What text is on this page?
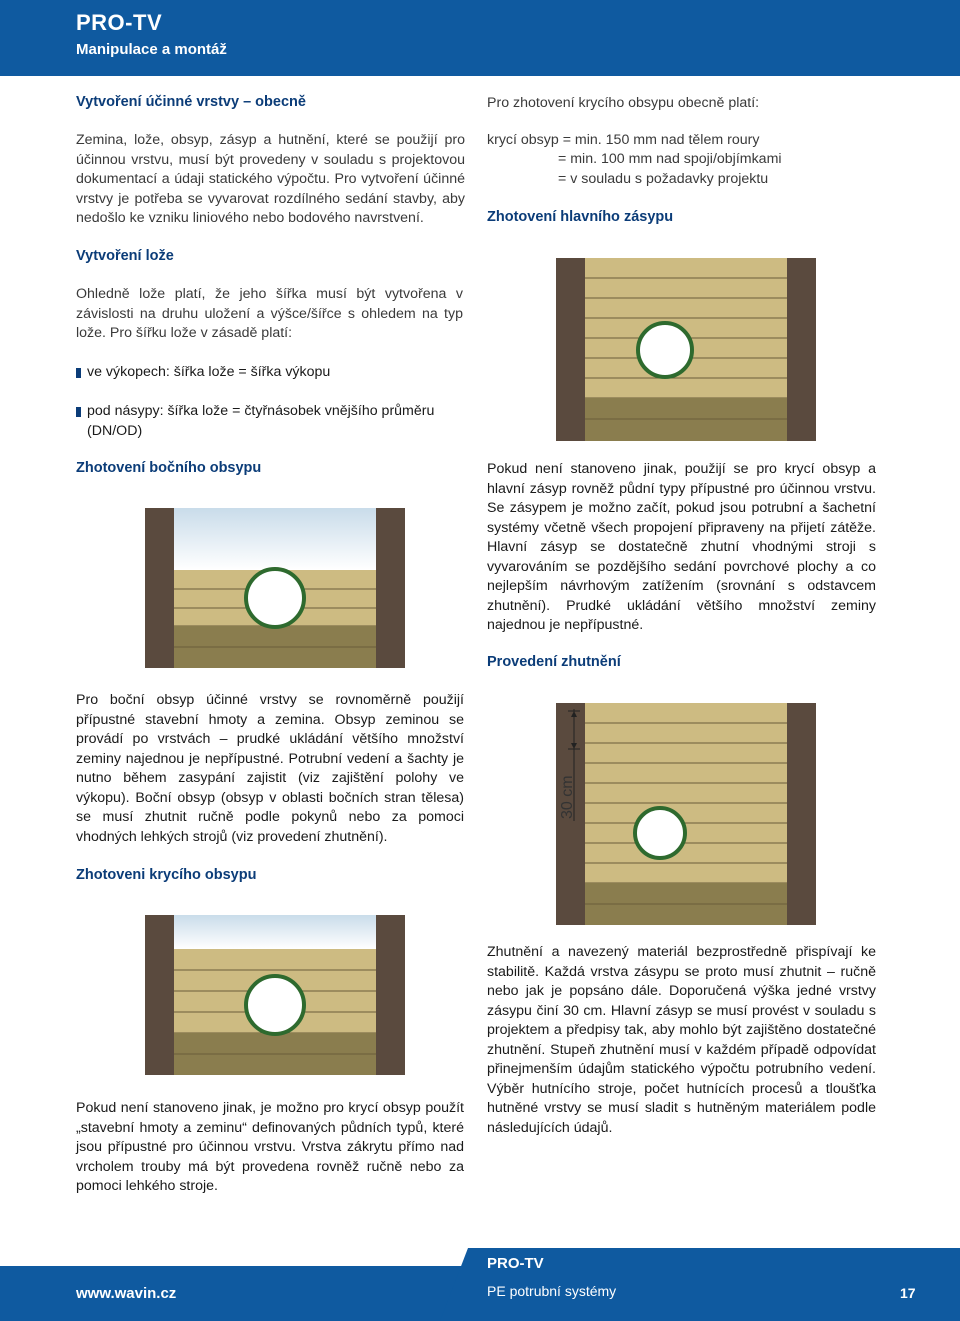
PRO-TV
Manipulace a montáž
Vytvoření účinné vrstvy – obecně
Zemina, lože, obsyp, zásyp a hutnění, které se použijí pro účinnou vrstvu, musí být provedeny v souladu s projektovou dokumentací a údaji statického výpočtu. Pro vytvoření účinné vrstvy je potřeba se vyvarovat rozdílného sedání stavby, aby nedošlo ke vzniku liniového nebo bodového navrstvení.
Vytvoření lože
Ohledně lože platí, že jeho šířka musí být vytvořena v závislosti na druhu uložení a výšce/šířce s ohledem na typ lože. Pro šířku lože v zásadě platí:
ve výkopech: šířka lože = šířka výkopu
pod násypy: šířka lože = čtyřnásobek vnějšího průměru (DN/OD)
Zhotovení bočního obsypu
Pro boční obsyp účinné vrstvy se rovnoměrně použijí přípustné stavební hmoty a zemina. Obsyp zeminou se provádí po vrstvách – prudké ukládání většího množství zeminy najednou je nepřípustné. Potrubní vedení a šachty je nutno během zasypání zajistit (viz zajištění polohy ve výkopu). Boční obsyp (obsyp v oblasti bočních stran tělesa) se musí zhutnit ručně podle pokynů nebo za pomoci vhodných lehkých strojů (viz provedení zhutnění).
Zhotoveni krycího obsypu
Pokud není stanoveno jinak, je možno pro krycí obsyp použít „stavební hmoty a zeminu“ definovaných půdních typů, které jsou přípustné pro účinnou vrstvu. Vrstva zákrytu přímo nad vrcholem trouby má být provedena rovněž ručně nebo za pomoci lehkého stroje.
Pro zhotovení krycího obsypu obecně platí:
krycí obsyp = min. 150 mm nad tělem roury
= min. 100 mm nad spoji/objímkami
= v souladu s požadavky projektu
Zhotovení hlavního zásypu
Pokud není stanoveno jinak, použijí se pro krycí obsyp a hlavní zásyp rovněž půdní typy přípustné pro účinnou vrstvu. Se zásypem je možno začít, pokud jsou potrubní a šachetní systémy včetně všech propojení připraveny na přijetí zátěže. Hlavní zásyp se dostatečně zhutní vhodnými stroji s vyvarováním se pozdějšího sedání povrchové plochy a co nejlepším návrhovým zatížením (srovnání s odstavcem zhutnění). Prudké ukládání většího množství zeminy najednou je nepřípustné.
Provedení zhutnění
30 cm
Zhutnění a navezený materiál bezprostředně přispívají ke stabilitě. Každá vrstva zásypu se proto musí zhutnit – ručně nebo jak je popsáno dále. Doporučená výška jedné vrstvy zásypu činí 30 cm. Hlavní zásyp se musí provést v souladu s projektem a předpisy tak, aby mohlo být zajištěno dostatečné zhutnění. Stupeň zhutnění musí v každém případě odpovídat přinejmenším údajům statického výpočtu potrubního vedení. Výběr hutnícího stroje, počet hutnících procesů a tloušťka hutněné vrstvy se musí sladit s hutněným materiálem podle následujících údajů.
www.wavin.cz
PRO-TV
PE potrubní systémy	17
